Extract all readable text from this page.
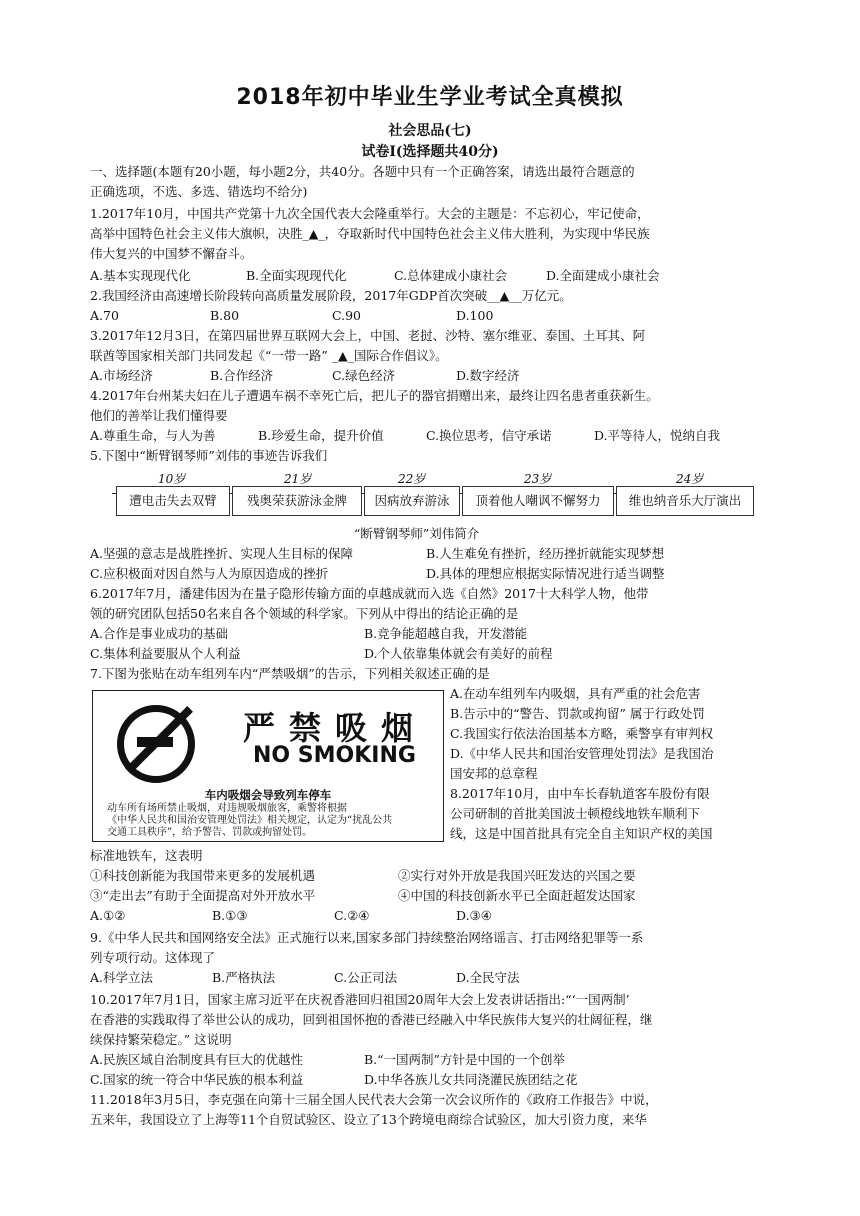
2018年初中毕业生学业考试全真模拟
社会思品(七)
试卷Ⅰ(选择题共40分)
一、选择题(本题有20小题，每小题2分，共40分。各题中只有一个正确答案，请选出最符合题意的
正确选项，不选、多选、错选均不给分)
1.2017年10月，中国共产党第十九次全国代表大会隆重举行。大会的主题是：不忘初心，牢记使命，
高举中国特色社会主义伟大旗帜，决胜_▲_，夺取新时代中国特色社会主义伟大胜利，为实现中华民族
伟大复兴的中国梦不懈奋斗。
A.基本实现现代化	B.全面实现现代化	C.总体建成小康社会	D.全面建成小康社会
2.我国经济由高速增长阶段转向高质量发展阶段，2017年GDP首次突破__▲__万亿元。
A.70	B.80	C.90	D.100
3.2017年12月3日，在第四届世界互联网大会上，中国、老挝、沙特、塞尔维亚、泰国、土耳其、阿
联酋等国家相关部门共同发起《“一带一路” _▲_国际合作倡议》。
A.市场经济	B.合作经济	C.绿色经济	D.数字经济
4.2017年台州某夫妇在儿子遭遇车祸不幸死亡后，把儿子的器官捐赠出来，最终让四名患者重获新生。
他们的善举让我们懂得要
A.尊重生命，与人为善	B.珍爱生命，提升价值	C.换位思考，信守承诺	D.平等待人，悦纳自我
5.下图中“断臂钢琴师”刘伟的事迹告诉我们
10岁	21岁	22岁	23岁	24岁
遭电击失去双臂	残奥荣获游泳金牌	因病放弃游泳	顶着他人嘲讽不懈努力	维也纳音乐大厅演出
“断臂钢琴师”刘伟简介
A.坚强的意志是战胜挫折、实现人生目标的保障	B.人生难免有挫折，经历挫折就能实现梦想
C.应积极面对因自然与人为原因造成的挫折	D.具体的理想应根据实际情况进行适当调整
6.2017年7月，潘建伟因为在量子隐形传输方面的卓越成就而入选《自然》2017十大科学人物，他带
领的研究团队包括50名来自各个领域的科学家。下列从中得出的结论正确的是
A.合作是事业成功的基础	B.竞争能超越自我，开发潜能
C.集体利益要服从个人利益	D.个人依靠集体就会有美好的前程
7.下图为张贴在动车组列车内“严禁吸烟”的告示，下列相关叙述正确的是
严禁吸烟
NO SMOKING
车内吸烟会导致列车停车
动车所有场所禁止吸烟，对违规吸烟旅客，乘警将根据
《中华人民共和国治安管理处罚法》相关规定，认定为“扰乱公共
交通工具秩序”，给予警告、罚款或拘留处罚。
A.在动车组列车内吸烟，具有严重的社会危害
B.告示中的“警告、罚款或拘留” 属于行政处罚
C.我国实行依法治国基本方略，乘警享有审判权
D.《中华人民共和国治安管理处罚法》是我国治
国安邦的总章程
8.2017年10月，由中车长春轨道客车股份有限
公司研制的首批美国波士顿橙线地铁车顺利下
线，这是中国首批具有完全自主知识产权的美国
标准地铁车，这表明
①科技创新能为我国带来更多的发展机遇	②实行对外开放是我国兴旺发达的兴国之要
③“走出去”有助于全面提高对外开放水平	④中国的科技创新水平已全面赶超发达国家
A.①②	B.①③	C.②④	D.③④
9.《中华人民共和国网络安全法》正式施行以来,国家多部门持续整治网络谣言、打击网络犯罪等一系
列专项行动。这体现了
A.科学立法	B.严格执法	C.公正司法	D.全民守法
10.2017年7月1日，国家主席习近平在庆祝香港回归祖国20周年大会上发表讲话指出:“‘一国两制’
在香港的实践取得了举世公认的成功，回到祖国怀抱的香港已经融入中华民族伟大复兴的壮阔征程，继
续保持繁荣稳定。” 这说明
A.民族区域自治制度具有巨大的优越性	B.“一国两制”方针是中国的一个创举
C.国家的统一符合中华民族的根本利益	D.中华各族儿女共同浇灌民族团结之花
11.2018年3月5日，李克强在向第十三届全国人民代表大会第一次会议所作的《政府工作报告》中说，
五来年，我国设立了上海等11个自贸试验区、设立了13个跨境电商综合试验区，加大引资力度，来华
